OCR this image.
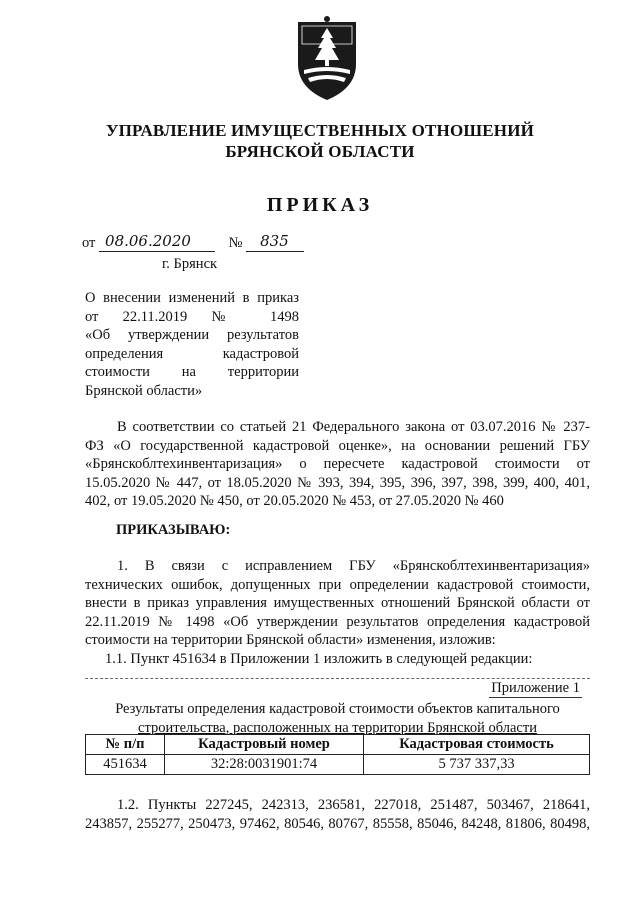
УПРАВЛЕНИЕ ИМУЩЕСТВЕННЫХ ОТНОШЕНИЙ
БРЯНСКОЙ ОБЛАСТИ
ПРИКАЗ
от 08.06.2020	№ 835
г. Брянск
О внесении изменений в приказ
от 22.11.2019 № 1498
«Об утверждении результатов
определения кадастровой
стоимости на территории
Брянской области»
В соответствии со статьей 21 Федерального закона от 03.07.2016 № 237-
ФЗ «О государственной кадастровой оценке», на основании решений ГБУ
«Брянскоблтехинвентаризация» о пересчете кадастровой стоимости от
15.05.2020 № 447, от 18.05.2020 № 393, 394, 395, 396, 397, 398, 399, 400, 401,
402, от 19.05.2020 № 450, от 20.05.2020 № 453, от 27.05.2020 № 460
ПРИКАЗЫВАЮ:
1. В связи с исправлением ГБУ «Брянскоблтехинвентаризация»
технических ошибок, допущенных при определении кадастровой стоимости,
внести в приказ управления имущественных отношений Брянской области от
22.11.2019 № 1498 «Об утверждении результатов определения кадастровой
стоимости на территории Брянской области» изменения, изложив:
1.1. Пункт 451634 в Приложении 1 изложить в следующей редакции:
Приложение 1
Результаты определения кадастровой стоимости объектов капитального
строительства, расположенных на территории Брянской области
№ п/п	Кадастровый номер	Кадастровая стоимость
451634	32:28:0031901:74	5 737 337,33
1.2. Пункты 227245, 242313, 236581, 227018, 251487, 503467, 218641,
243857, 255277, 250473, 97462, 80546, 80767, 85558, 85046, 84248, 81806, 80498,
